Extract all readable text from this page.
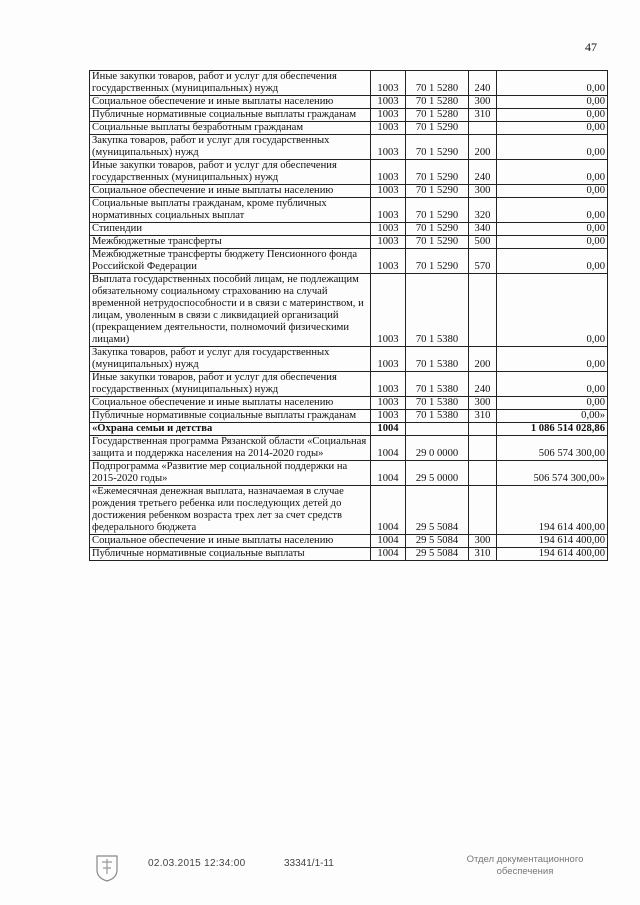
47
Иные закупки товаров, работ и услуг для обеспечения государственных (муниципальных) нужд	1003	70 1 5280	240	0,00
Социальное обеспечение и иные выплаты населению	1003	70 1 5280	300	0,00
Публичные нормативные социальные выплаты гражданам	1003	70 1 5280	310	0,00
Социальные выплаты безработным гражданам	1003	70 1 5290		0,00
Закупка товаров, работ и услуг для государственных (муниципальных) нужд	1003	70 1 5290	200	0,00
Иные закупки товаров, работ и услуг для обеспечения государственных (муниципальных) нужд	1003	70 1 5290	240	0,00
Социальное обеспечение и иные выплаты населению	1003	70 1 5290	300	0,00
Социальные выплаты гражданам, кроме публичных нормативных социальных выплат	1003	70 1 5290	320	0,00
Стипендии	1003	70 1 5290	340	0,00
Межбюджетные трансферты	1003	70 1 5290	500	0,00
Межбюджетные трансферты бюджету Пенсионного фонда Российской Федерации	1003	70 1 5290	570	0,00
Выплата государственных пособий лицам, не подлежащим обязательному социальному страхованию на случай временной нетрудоспособности и в связи с материнством, и лицам, уволенным в связи с ликвидацией организаций (прекращением деятельности, полномочий физическими лицами)	1003	70 1 5380		0,00
Закупка товаров, работ и услуг для государственных (муниципальных) нужд	1003	70 1 5380	200	0,00
Иные закупки товаров, работ и услуг для обеспечения государственных (муниципальных) нужд	1003	70 1 5380	240	0,00
Социальное обеспечение и иные выплаты населению	1003	70 1 5380	300	0,00
Публичные нормативные социальные выплаты гражданам	1003	70 1 5380	310	0,00»
«Охрана семьи и детства	1004			1 086 514 028,86
Государственная программа Рязанской области «Социальная защита и поддержка населения на 2014-2020 годы»	1004	29 0 0000		506 574 300,00
Подпрограмма «Развитие мер социальной поддержки на 2015-2020 годы»	1004	29 5 0000		506 574 300,00»
«Ежемесячная денежная выплата, назначаемая в случае рождения третьего ребенка или последующих детей до достижения ребенком возраста трех лет за счет средств федерального бюджета	1004	29 5 5084		194 614 400,00
Социальное обеспечение и иные выплаты населению	1004	29 5 5084	300	194 614 400,00
Публичные нормативные социальные выплаты	1004	29 5 5084	310	194 614 400,00
02.03.2015 12:34:00	33341/1-11	Отдел документационного
обеспечения
